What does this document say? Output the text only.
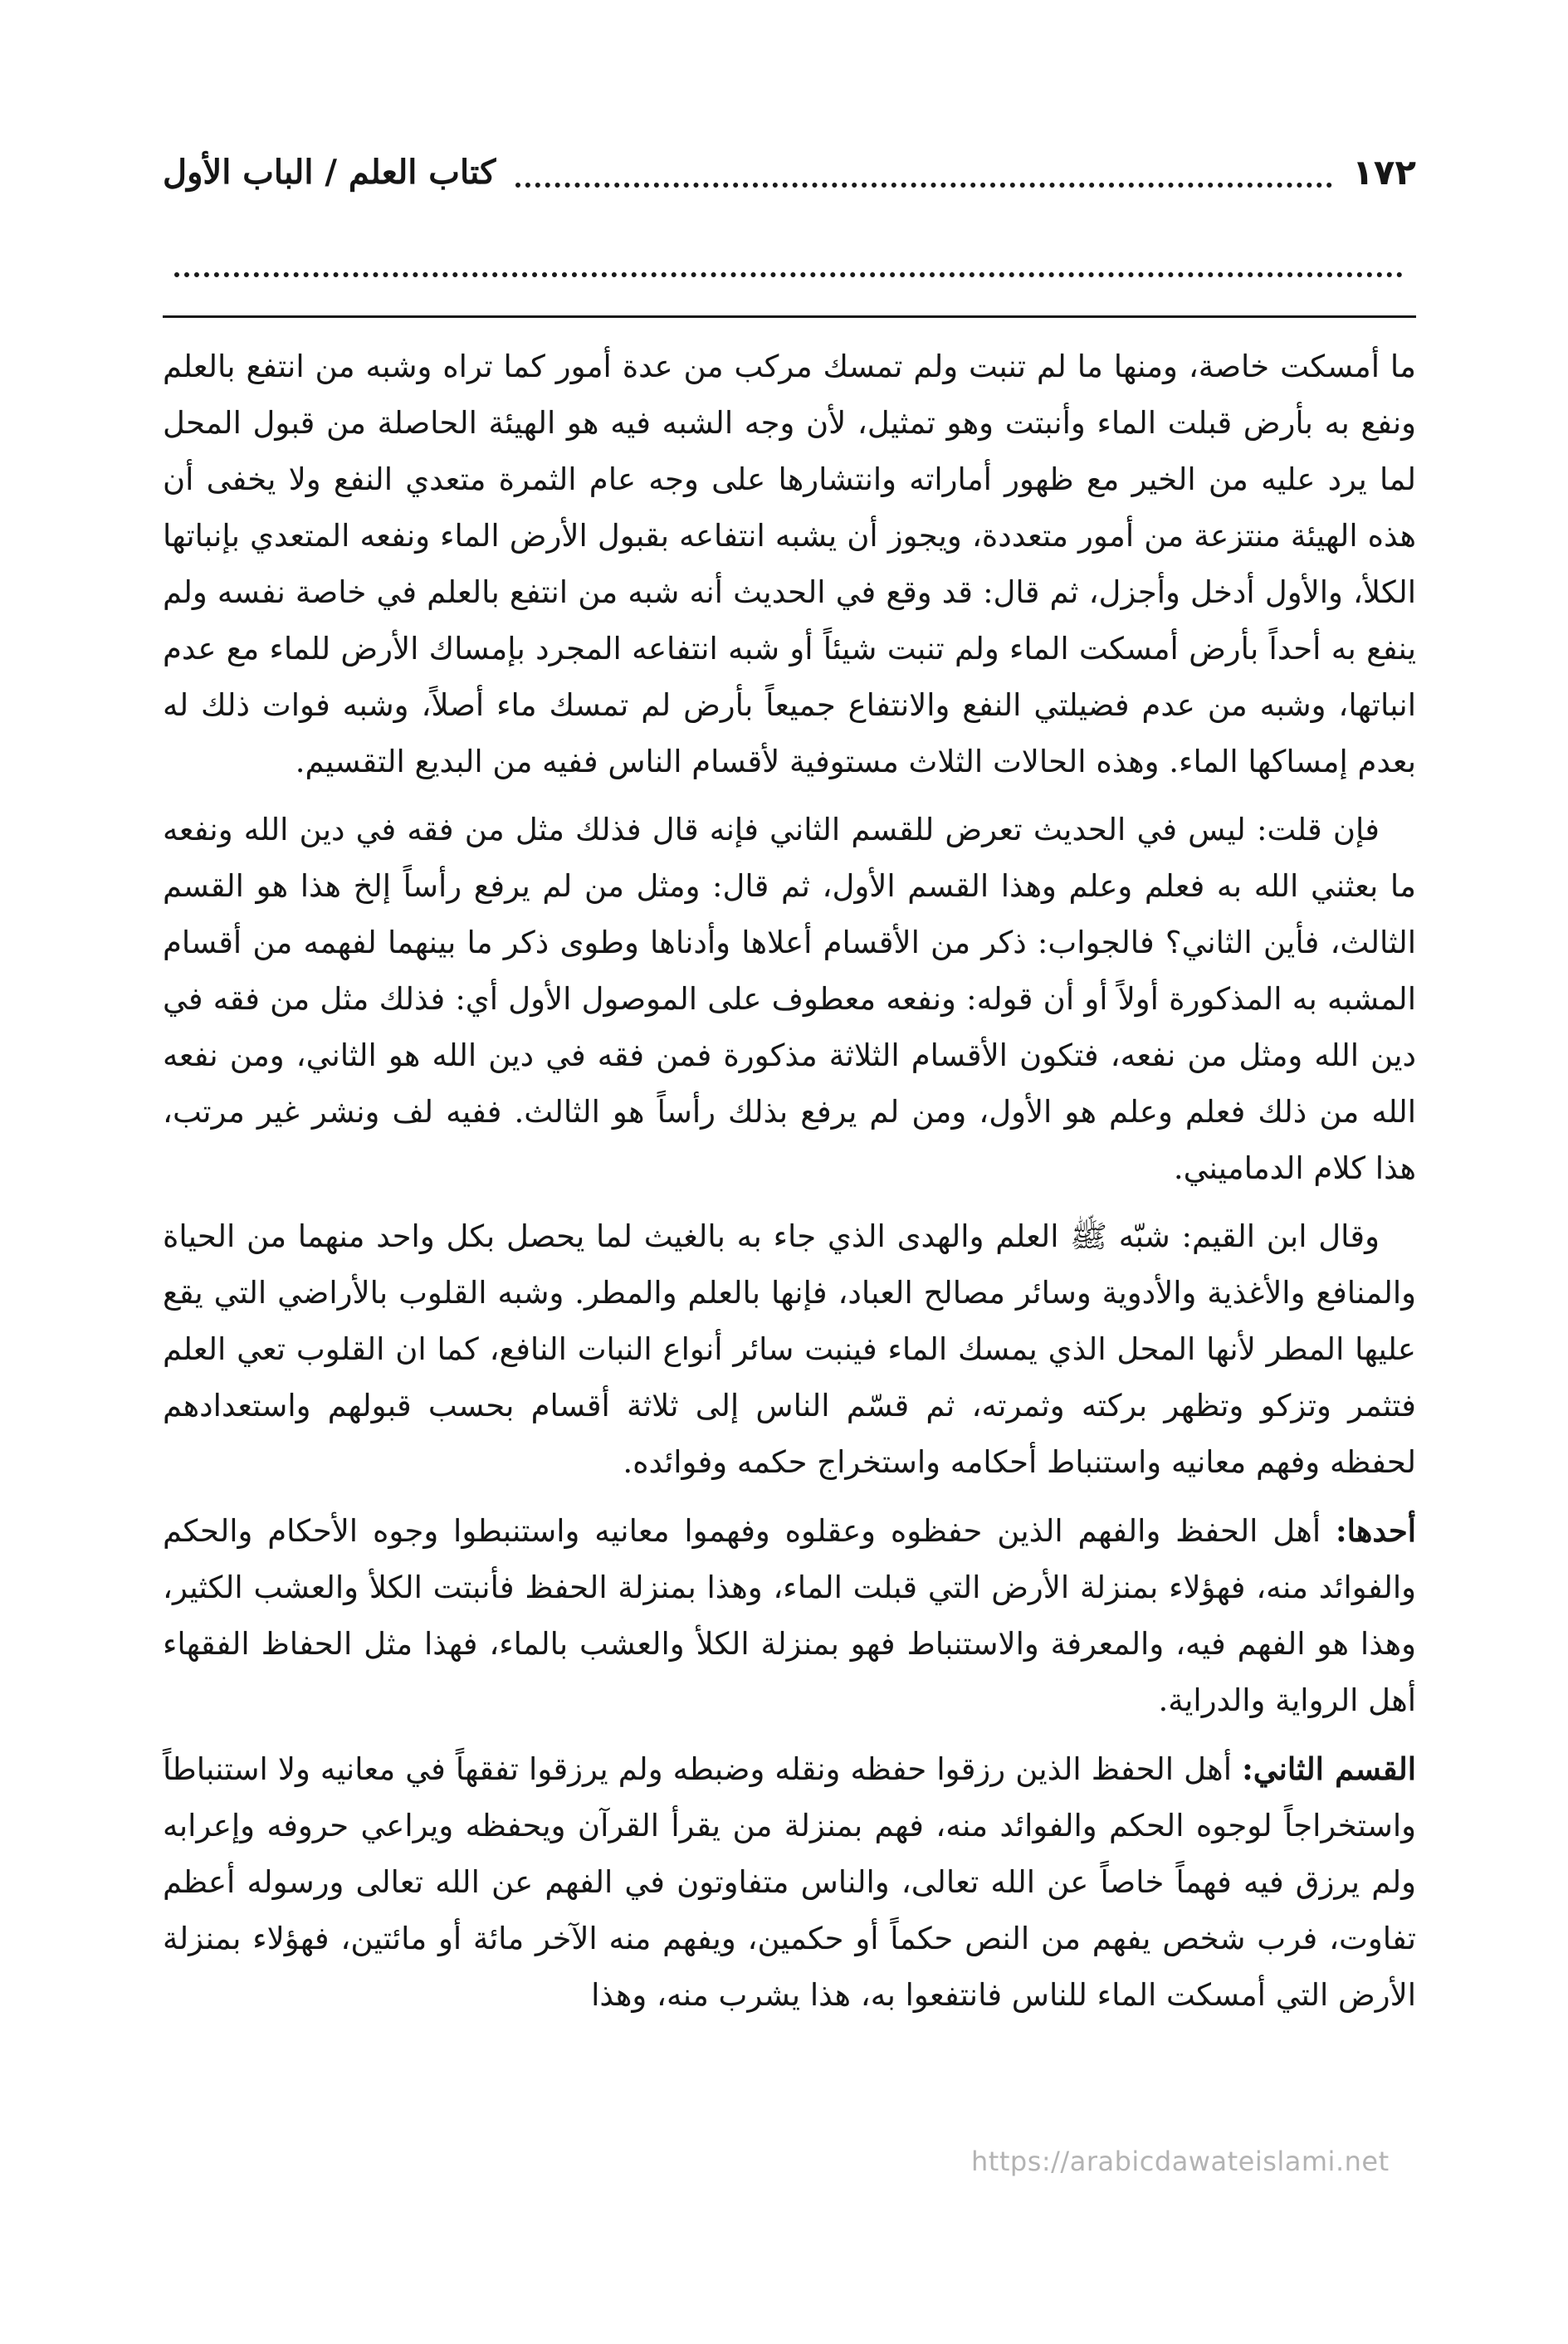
١٧٢
كتاب العلم / الباب الأول

ما أمسكت خاصة، ومنها ما لم تنبت ولم تمسك مركب من عدة أمور كما تراه وشبه من انتفع بالعلم ونفع به بأرض قبلت الماء وأنبتت وهو تمثيل، لأن وجه الشبه فيه هو الهيئة الحاصلة من قبول المحل لما يرد عليه من الخير مع ظهور أماراته وانتشارها على وجه عام الثمرة متعدي النفع ولا يخفى أن هذه الهيئة منتزعة من أمور متعددة، ويجوز أن يشبه انتفاعه بقبول الأرض الماء ونفعه المتعدي بإنباتها الكلأ، والأول أدخل وأجزل، ثم قال: قد وقع في الحديث أنه شبه من انتفع بالعلم في خاصة نفسه ولم ينفع به أحداً بأرض أمسكت الماء ولم تنبت شيئاً أو شبه انتفاعه المجرد بإمساك الأرض للماء مع عدم انباتها، وشبه من عدم فضيلتي النفع والانتفاع جميعاً بأرض لم تمسك ماء أصلاً، وشبه فوات ذلك له بعدم إمساكها الماء. وهذه الحالات الثلاث مستوفية لأقسام الناس ففيه من البديع التقسيم.

فإن قلت: ليس في الحديث تعرض للقسم الثاني فإنه قال فذلك مثل من فقه في دين الله ونفعه ما بعثني الله به فعلم وعلم وهذا القسم الأول، ثم قال: ومثل من لم يرفع رأساً إلخ هذا هو القسم الثالث، فأين الثاني؟ فالجواب: ذكر من الأقسام أعلاها وأدناها وطوى ذكر ما بينهما لفهمه من أقسام المشبه به المذكورة أولاً أو أن قوله: ونفعه معطوف على الموصول الأول أي: فذلك مثل من فقه في دين الله ومثل من نفعه، فتكون الأقسام الثلاثة مذكورة فمن فقه في دين الله هو الثاني، ومن نفعه الله من ذلك فعلم وعلم هو الأول، ومن لم يرفع بذلك رأساً هو الثالث. ففيه لف ونشر غير مرتب، هذا كلام الدماميني.

وقال ابن القيم: شبّه ﷺ العلم والهدى الذي جاء به بالغيث لما يحصل بكل واحد منهما من الحياة والمنافع والأغذية والأدوية وسائر مصالح العباد، فإنها بالعلم والمطر. وشبه القلوب بالأراضي التي يقع عليها المطر لأنها المحل الذي يمسك الماء فينبت سائر أنواع النبات النافع، كما ان القلوب تعي العلم فتثمر وتزكو وتظهر بركته وثمرته، ثم قسّم الناس إلى ثلاثة أقسام بحسب قبولهم واستعدادهم لحفظه وفهم معانيه واستنباط أحكامه واستخراج حكمه وفوائده.

أحدها: أهل الحفظ والفهم الذين حفظوه وعقلوه وفهموا معانيه واستنبطوا وجوه الأحكام والحكم والفوائد منه، فهؤلاء بمنزلة الأرض التي قبلت الماء، وهذا بمنزلة الحفظ فأنبتت الكلأ والعشب الكثير، وهذا هو الفهم فيه، والمعرفة والاستنباط فهو بمنزلة الكلأ والعشب بالماء، فهذا مثل الحفاظ الفقهاء أهل الرواية والدراية.

القسم الثاني: أهل الحفظ الذين رزقوا حفظه ونقله وضبطه ولم يرزقوا تفقهاً في معانيه ولا استنباطاً واستخراجاً لوجوه الحكم والفوائد منه، فهم بمنزلة من يقرأ القرآن ويحفظه ويراعي حروفه وإعرابه ولم يرزق فيه فهماً خاصاً عن الله تعالى، والناس متفاوتون في الفهم عن الله تعالى ورسوله أعظم تفاوت، فرب شخص يفهم من النص حكماً أو حكمين، ويفهم منه الآخر مائة أو مائتين، فهؤلاء بمنزلة الأرض التي أمسكت الماء للناس فانتفعوا به، هذا يشرب منه، وهذا

https://arabicdawateislami.net
